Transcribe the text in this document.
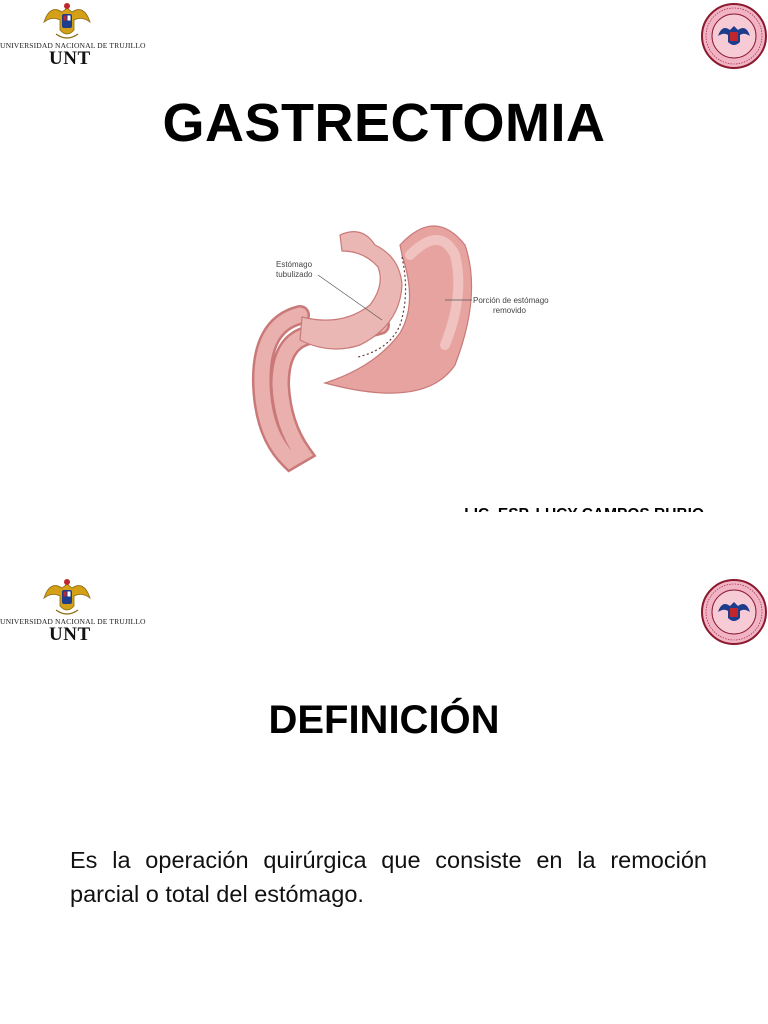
UNIVERSIDAD NACIONAL DE TRUJILLO
UNT
GASTRECTOMIA
Estómago
tubulizado
Porción de estómago
removido
UNIVERSIDAD NACIONAL DE TRUJILLO
UNT
DEFINICIÓN
Es la operación quirúrgica que consiste en la remoción parcial o total del estómago.
